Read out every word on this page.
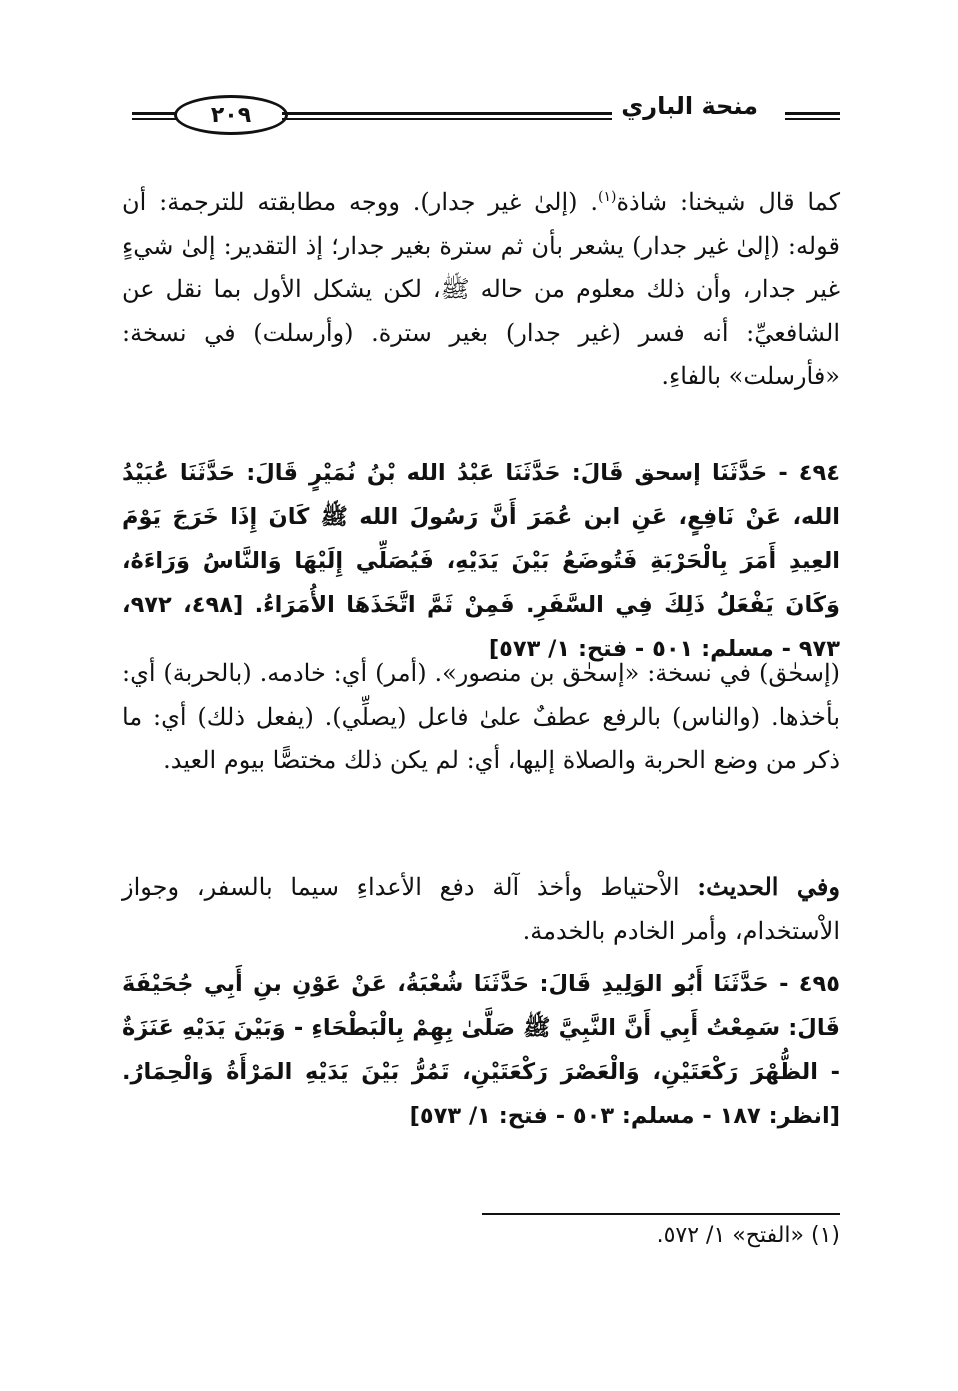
٢٠٩	منحة الباري

كما قال شيخنا: شاذة$^{(١)}$. (إلىٰ غير جدار). ووجه مطابقته للترجمة: أن قوله: (إلىٰ غير جدار) يشعر بأن ثم سترة بغير جدار؛ إذ التقدير: إلىٰ شيءٍ غير جدار، وأن ذلك معلوم من حاله ﷺ، لكن يشكل الأول بما نقل عن الشافعيِّ: أنه فسر (غير جدار) بغير سترة. (وأرسلت) في نسخة: «فأرسلت» بالفاءِ.

٤٩٤ - حَدَّثَنَا إسحق قَالَ: حَدَّثَنَا عَبْدُ الله بْنُ نُمَيْرٍ قَالَ: حَدَّثَنَا عُبَيْدُ الله، عَنْ نَافِعٍ، عَنِ ابن عُمَرَ أَنَّ رَسُولَ الله ﷺ كَانَ إِذَا خَرَجَ يَوْمَ العِيدِ أَمَرَ بِالْحَرْبَةِ فَتُوضَعُ بَيْنَ يَدَيْهِ، فَيُصَلِّي إِلَيْهَا وَالنَّاسُ وَرَاءَهُ، وَكَانَ يَفْعَلُ ذَلِكَ فِي السَّفَرِ. فَمِنْ ثَمَّ اتَّخَذَهَا الأُمَرَاءُ. [٤٩٨، ٩٧٢، ٩٧٣ - مسلم: ٥٠١ - فتح: ١/ ٥٧٣]

(إسحٰق) في نسخة: «إسحٰق بن منصور». (أمر) أي: خادمه. (بالحربة) أي: بأخذها. (والناس) بالرفع عطفٌ علىٰ فاعل (يصلِّي). (يفعل ذلك) أي: ما ذكر من وضع الحربة والصلاة إليها، أي: لم يكن ذلك مختصًّا بيوم العيد.

وفي الحديث: الاْحتياط وأخذ آلة دفع الأعداءِ سيما بالسفر، وجواز الاْستخدام، وأمر الخادم بالخدمة.

٤٩٥ - حَدَّثَنَا أَبُو الوَلِيدِ قَالَ: حَدَّثَنَا شُعْبَةُ، عَنْ عَوْنِ بنِ أَبِي جُحَيْفَةَ قَالَ: سَمِعْتُ أَبِي أَنَّ النَّبِيَّ ﷺ صَلَّىٰ بِهِمْ بِالْبَطْحَاءِ - وَبَيْنَ يَدَيْهِ عَنَزَةٌ - الظُّهْرَ رَكْعَتَيْنِ، وَالْعَصْرَ رَكْعَتَيْنِ، تَمُرُّ بَيْنَ يَدَيْهِ المَرْأَةُ وَالْحِمَارُ. [انظر: ١٨٧ - مسلم: ٥٠٣ - فتح: ١/ ٥٧٣]

(١) «الفتح» ١/ ٥٧٢.
